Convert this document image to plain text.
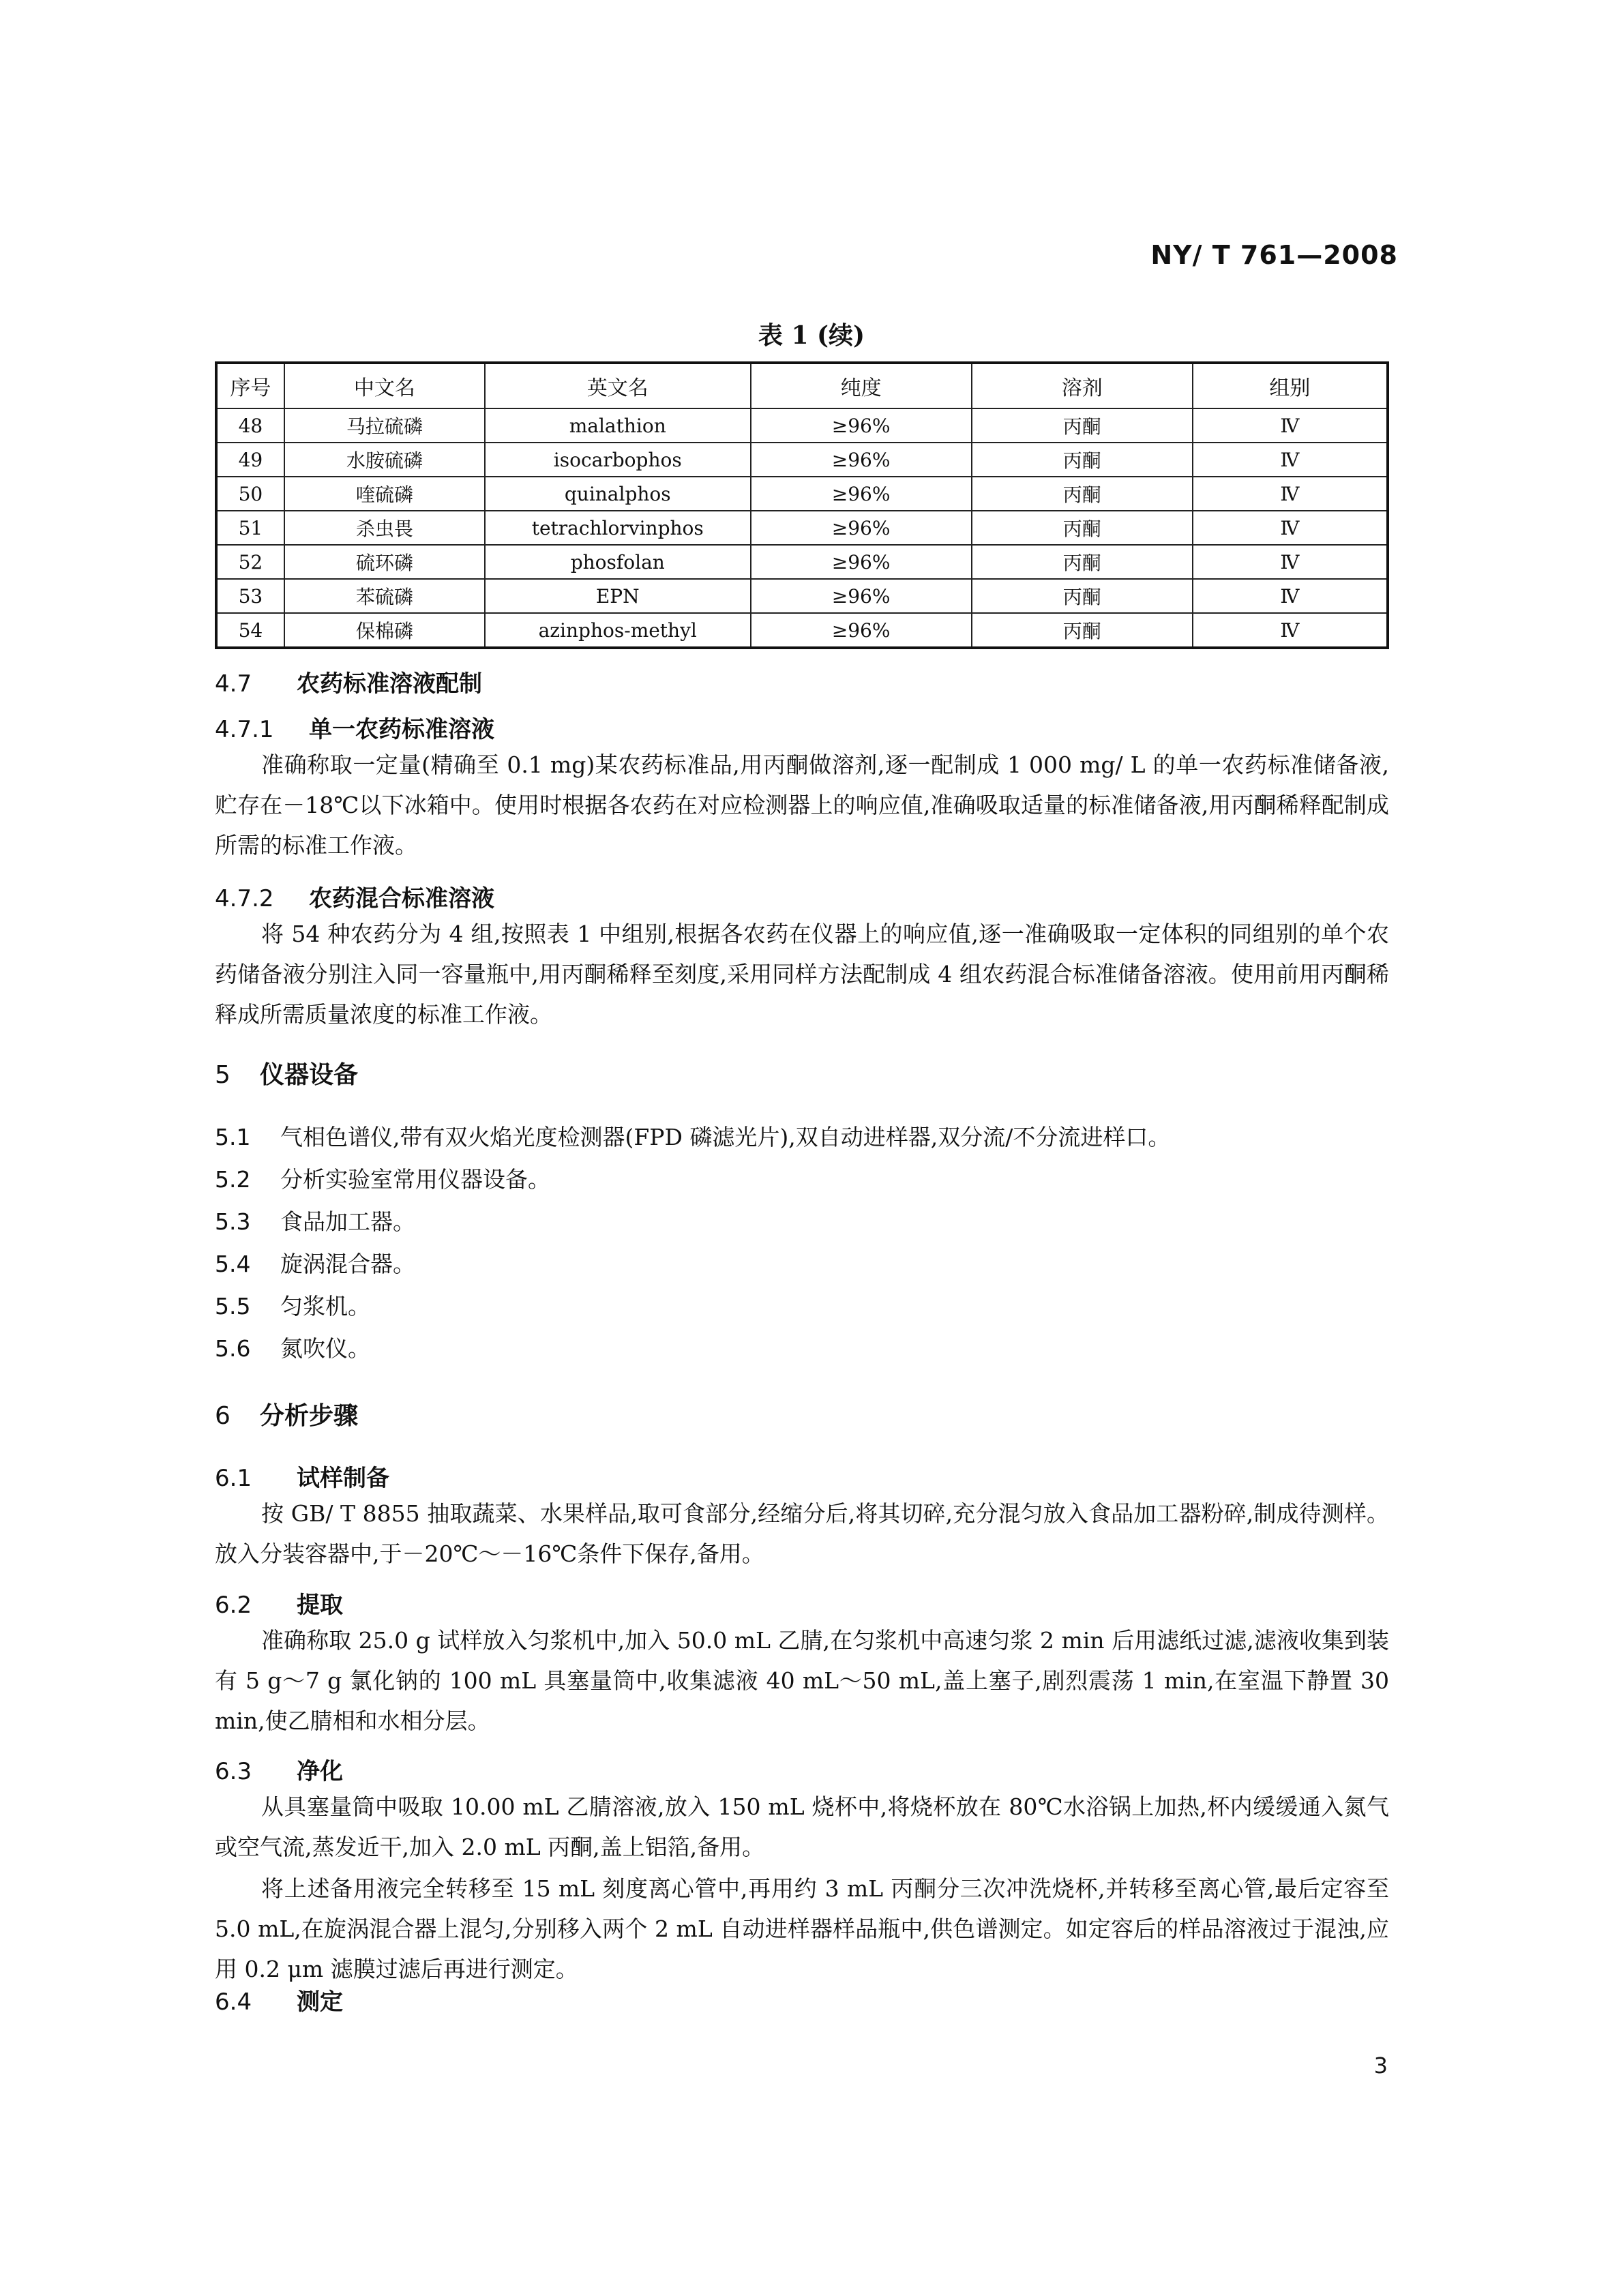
NY/ T 761—2008
表 1 (续)
序号	中文名	英文名	纯度	溶剂	组别
48	马拉硫磷	malathion	≥96%	丙酮	Ⅳ
49	水胺硫磷	isocarbophos	≥96%	丙酮	Ⅳ
50	喹硫磷	quinalphos	≥96%	丙酮	Ⅳ
51	杀虫畏	tetrachlorvinphos	≥96%	丙酮	Ⅳ
52	硫环磷	phosfolan	≥96%	丙酮	Ⅳ
53	苯硫磷	EPN	≥96%	丙酮	Ⅳ
54	保棉磷	azinphos-methyl	≥96%	丙酮	Ⅳ
4.7 农药标准溶液配制
4.7.1 单一农药标准溶液
准确称取一定量(精确至 0.1 mg)某农药标准品,用丙酮做溶剂,逐一配制成 1 000 mg/ L 的单一农药标准储备液,贮存在－18℃以下冰箱中。使用时根据各农药在对应检测器上的响应值,准确吸取适量的标准储备液,用丙酮稀释配制成所需的标准工作液。
4.7.2 农药混合标准溶液
将 54 种农药分为 4 组,按照表 1 中组别,根据各农药在仪器上的响应值,逐一准确吸取一定体积的同组别的单个农药储备液分别注入同一容量瓶中,用丙酮稀释至刻度,采用同样方法配制成 4 组农药混合标准储备溶液。使用前用丙酮稀释成所需质量浓度的标准工作液。
5 仪器设备
5.1 气相色谱仪,带有双火焰光度检测器(FPD 磷滤光片),双自动进样器,双分流/不分流进样口。
5.2 分析实验室常用仪器设备。
5.3 食品加工器。
5.4 旋涡混合器。
5.5 匀浆机。
5.6 氮吹仪。
6 分析步骤
6.1 试样制备
按 GB/ T 8855 抽取蔬菜、水果样品,取可食部分,经缩分后,将其切碎,充分混匀放入食品加工器粉碎,制成待测样。放入分装容器中,于－20℃～－16℃条件下保存,备用。
6.2 提取
准确称取 25.0 g 试样放入匀浆机中,加入 50.0 mL 乙腈,在匀浆机中高速匀浆 2 min 后用滤纸过滤,滤液收集到装有 5 g～7 g 氯化钠的 100 mL 具塞量筒中,收集滤液 40 mL～50 mL,盖上塞子,剧烈震荡 1 min,在室温下静置 30 min,使乙腈相和水相分层。
6.3 净化
从具塞量筒中吸取 10.00 mL 乙腈溶液,放入 150 mL 烧杯中,将烧杯放在 80℃水浴锅上加热,杯内缓缓通入氮气或空气流,蒸发近干,加入 2.0 mL 丙酮,盖上铝箔,备用。
将上述备用液完全转移至 15 mL 刻度离心管中,再用约 3 mL 丙酮分三次冲洗烧杯,并转移至离心管,最后定容至 5.0 mL,在旋涡混合器上混匀,分别移入两个 2 mL 自动进样器样品瓶中,供色谱测定。如定容后的样品溶液过于混浊,应用 0.2 μm 滤膜过滤后再进行测定。
6.4 测定
3
